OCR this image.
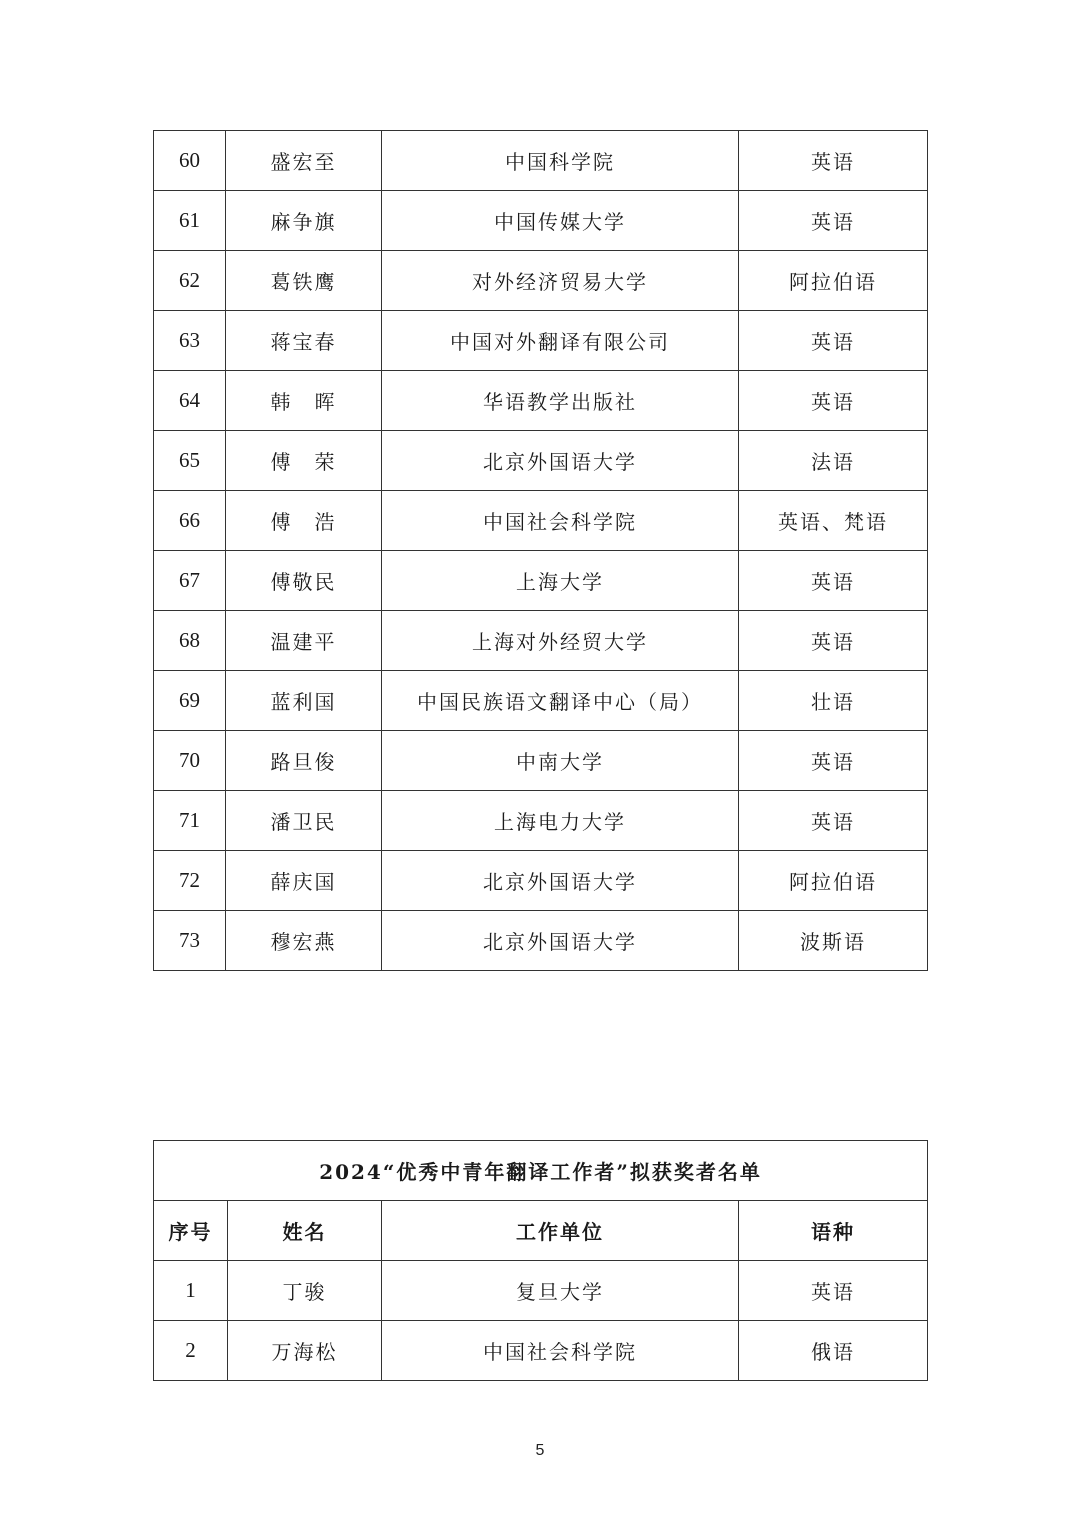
60	盛宏至	中国科学院	英语
61	麻争旗	中国传媒大学	英语
62	葛铁鹰	对外经济贸易大学	阿拉伯语
63	蒋宝春	中国对外翻译有限公司	英语
64	韩　晖	华语教学出版社	英语
65	傅　荣	北京外国语大学	法语
66	傅　浩	中国社会科学院	英语、梵语
67	傅敬民	上海大学	英语
68	温建平	上海对外经贸大学	英语
69	蓝利国	中国民族语文翻译中心（局）	壮语
70	路旦俊	中南大学	英语
71	潘卫民	上海电力大学	英语
72	薛庆国	北京外国语大学	阿拉伯语
73	穆宏燕	北京外国语大学	波斯语
2024“优秀中青年翻译工作者”拟获奖者名单			
序号	姓名	工作单位	语种
1	丁骏	复旦大学	英语
2	万海松	中国社会科学院	俄语
5
